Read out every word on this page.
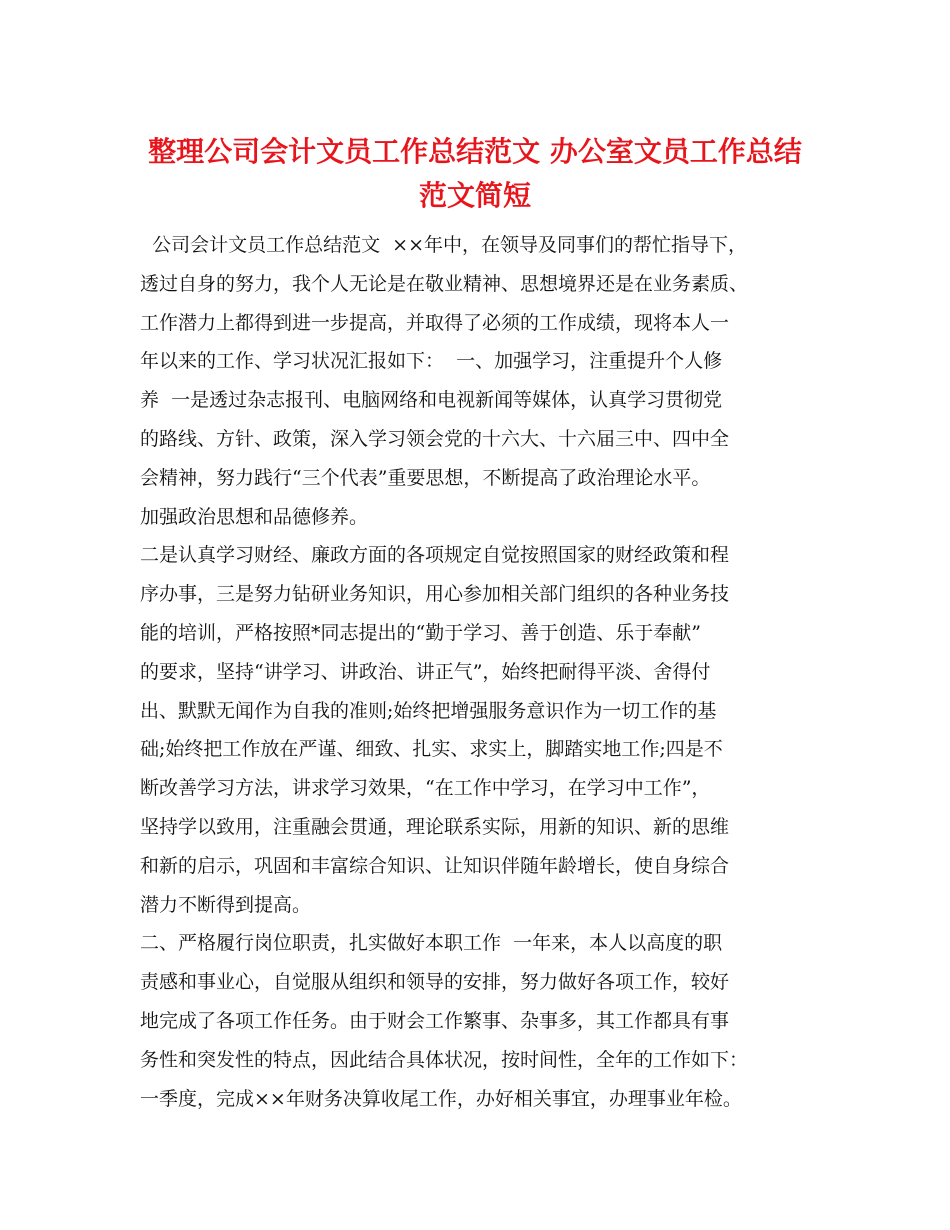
整理公司会计文员工作总结范文 办公室文员工作总结
范文简短
公司会计文员工作总结范文  ××年中，在领导及同事们的帮忙指导下，
透过自身的努力，我个人无论是在敬业精神、思想境界还是在业务素质、
工作潜力上都得到进一步提高，并取得了必须的工作成绩，现将本人一
年以来的工作、学习状况汇报如下：  一、加强学习，注重提升个人修
养  一是透过杂志报刊、电脑网络和电视新闻等媒体，认真学习贯彻党
的路线、方针、政策，深入学习领会党的十六大、十六届三中、四中全
会精神，努力践行“三个代表”重要思想，不断提高了政治理论水平。
加强政治思想和品德修养。
二是认真学习财经、廉政方面的各项规定自觉按照国家的财经政策和程
序办事，三是努力钻研业务知识，用心参加相关部门组织的各种业务技
能的培训，严格按照*同志提出的“勤于学习、善于创造、乐于奉献”
的要求，坚持“讲学习、讲政治、讲正气”，始终把耐得平淡、舍得付
出、默默无闻作为自我的准则;始终把增强服务意识作为一切工作的基
础;始终把工作放在严谨、细致、扎实、求实上，脚踏实地工作;四是不
断改善学习方法，讲求学习效果，“在工作中学习，在学习中工作”，
坚持学以致用，注重融会贯通，理论联系实际，用新的知识、新的思维
和新的启示，巩固和丰富综合知识、让知识伴随年龄增长，使自身综合
潜力不断得到提高。
二、严格履行岗位职责，扎实做好本职工作  一年来，本人以高度的职
责感和事业心，自觉服从组织和领导的安排，努力做好各项工作，较好
地完成了各项工作任务。由于财会工作繁事、杂事多，其工作都具有事
务性和突发性的特点，因此结合具体状况，按时间性，全年的工作如下：
一季度，完成××年财务决算收尾工作，办好相关事宜，办理事业年检。
